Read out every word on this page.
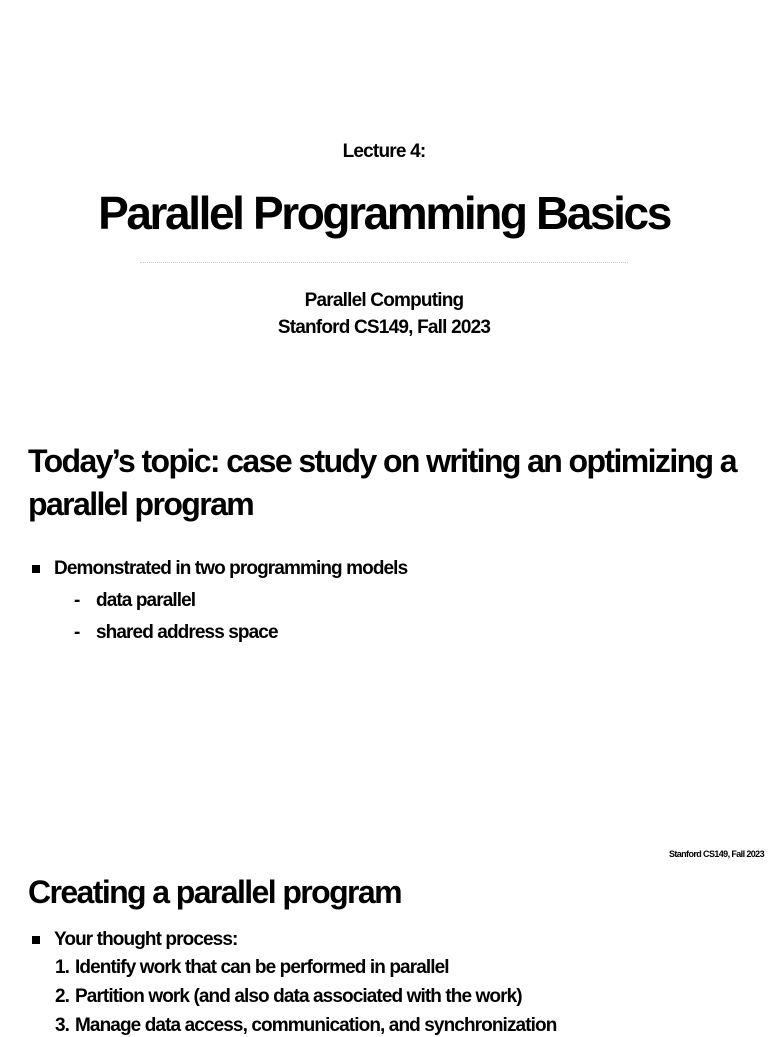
Lecture 4:
Parallel Programming Basics
Parallel Computing
Stanford CS149, Fall 2023
Today’s topic: case study on writing an optimizing a
parallel program
Demonstrated in two programming models
- data parallel
- shared address space
Stanford CS149, Fall 2023
Creating a parallel program
Your thought process:
1. Identify work that can be performed in parallel
2. Partition work (and also data associated with the work)
3. Manage data access, communication, and synchronization
